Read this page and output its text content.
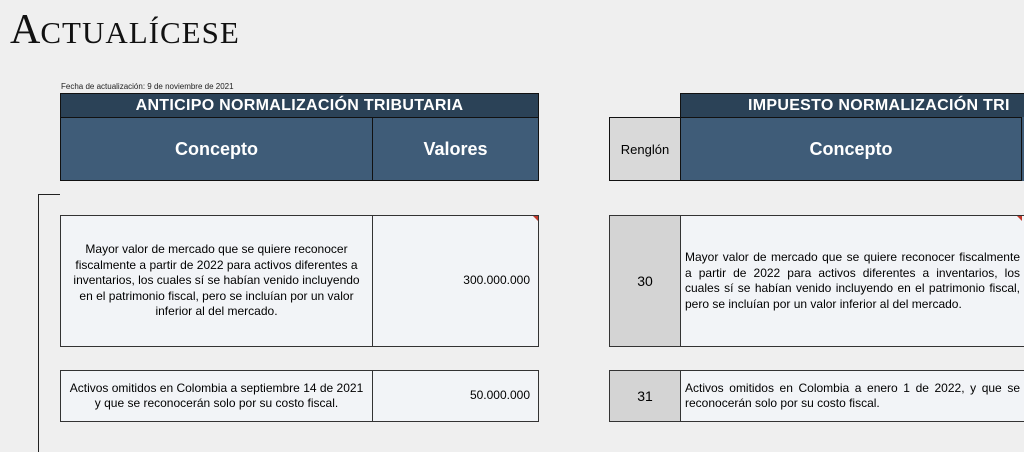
ACTUALÍCESE
Fecha de actualización: 9 de noviembre de 2021
ANTICIPO NORMALIZACIÓN TRIBUTARIA
Concepto	Valores
Mayor valor de mercado que se quiere reconocer fiscalmente a partir de 2022 para activos diferentes a inventarios, los cuales sí se habían venido incluyendo en el patrimonio fiscal, pero se incluían por un valor inferior al del mercado.
300.000.000
Activos omitidos en Colombia a septiembre 14 de 2021 y que se reconocerán solo por su costo fiscal.
50.000.000
IMPUESTO NORMALIZACIÓN TRI
Renglón	Concepto
30
Mayor valor de mercado que se quiere reconocer fiscalmente a partir de 2022 para activos diferentes a inventarios, los cuales sí se habían venido incluyendo en el patrimonio fiscal, pero se incluían por un valor inferior al del mercado.
31
Activos omitidos en Colombia a enero 1 de 2022, y que se reconocerán solo por su costo fiscal.
